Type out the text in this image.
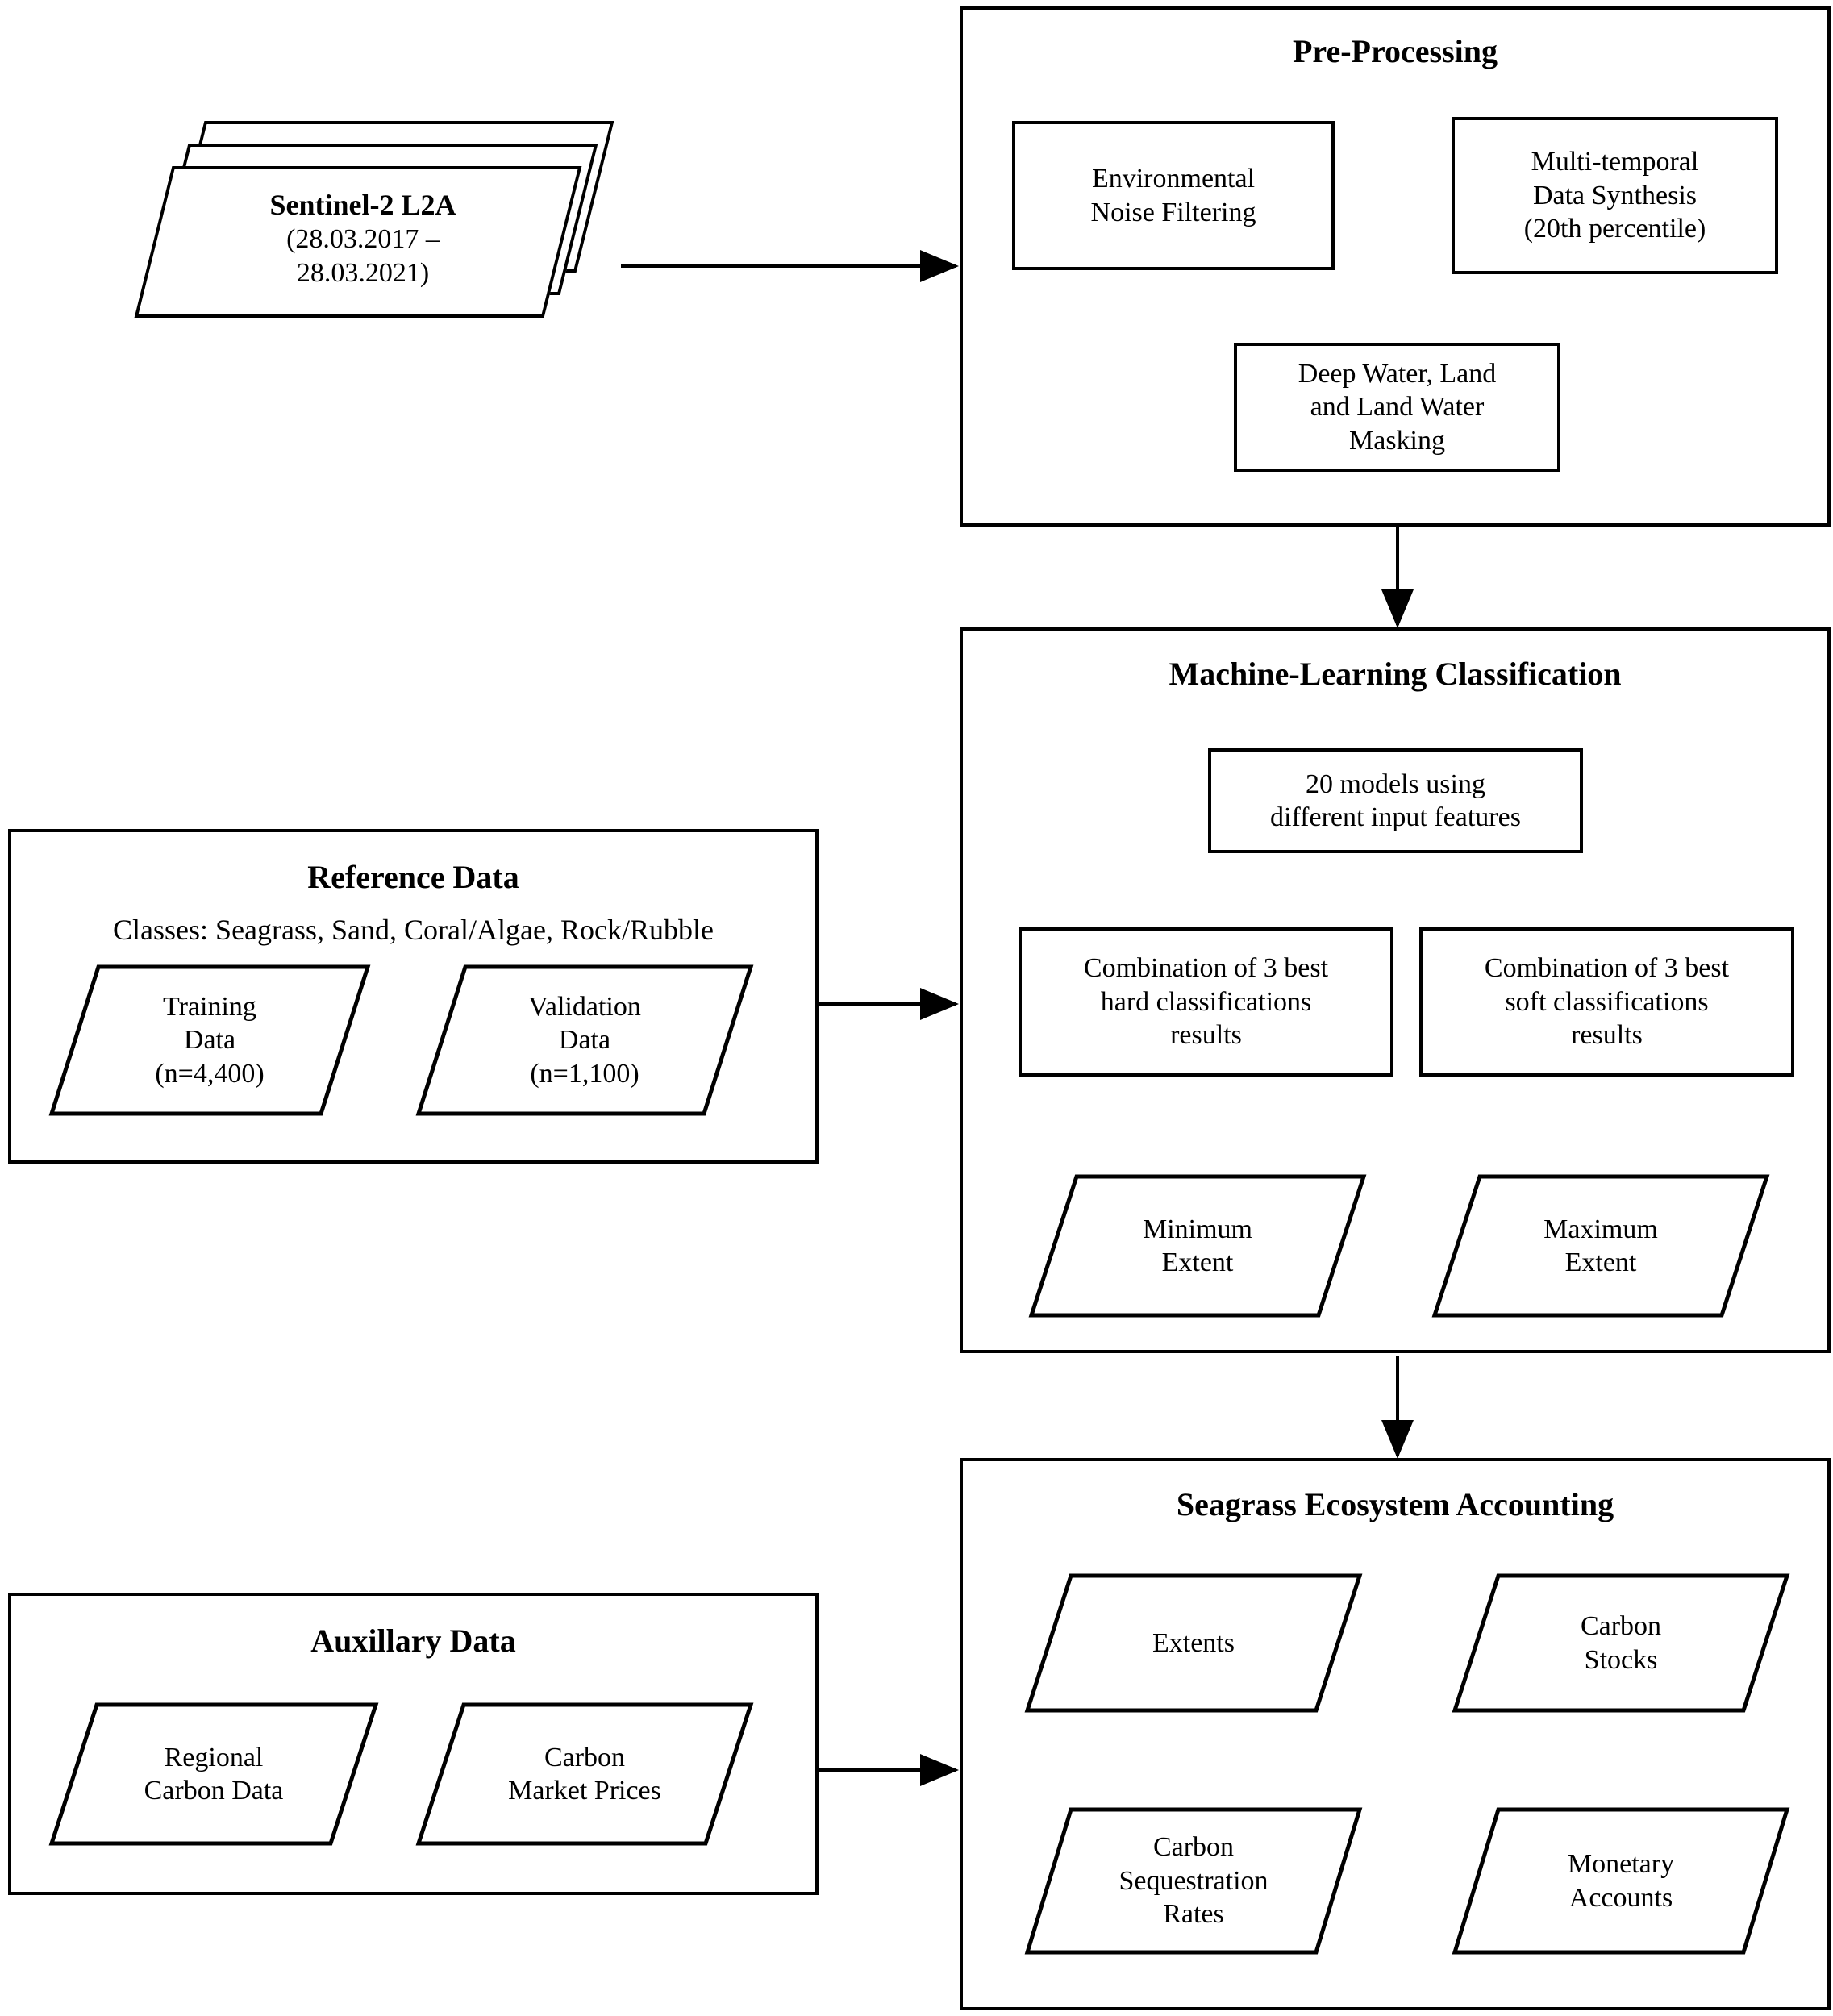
Sentinel-2 L2A
(28.03.2017 –
28.03.2021)
Pre-Processing
Environmental
Noise Filtering
Multi-temporal
Data Synthesis
(20th percentile)
Deep Water, Land
and Land Water
Masking
Reference Data
Classes: Seagrass, Sand, Coral/Algae, Rock/Rubble
Training
Data
(n=4,400)
Validation
Data
(n=1,100)
Machine-Learning Classification
20 models using
different input features
Combination of 3 best
hard classifications
results
Combination of 3 best
soft classifications
results
Minimum
Extent
Maximum
Extent
Auxillary Data
Regional
Carbon Data
Carbon
Market Prices
Seagrass Ecosystem Accounting
Extents
Carbon
Stocks
Carbon
Sequestration
Rates
Monetary
Accounts
